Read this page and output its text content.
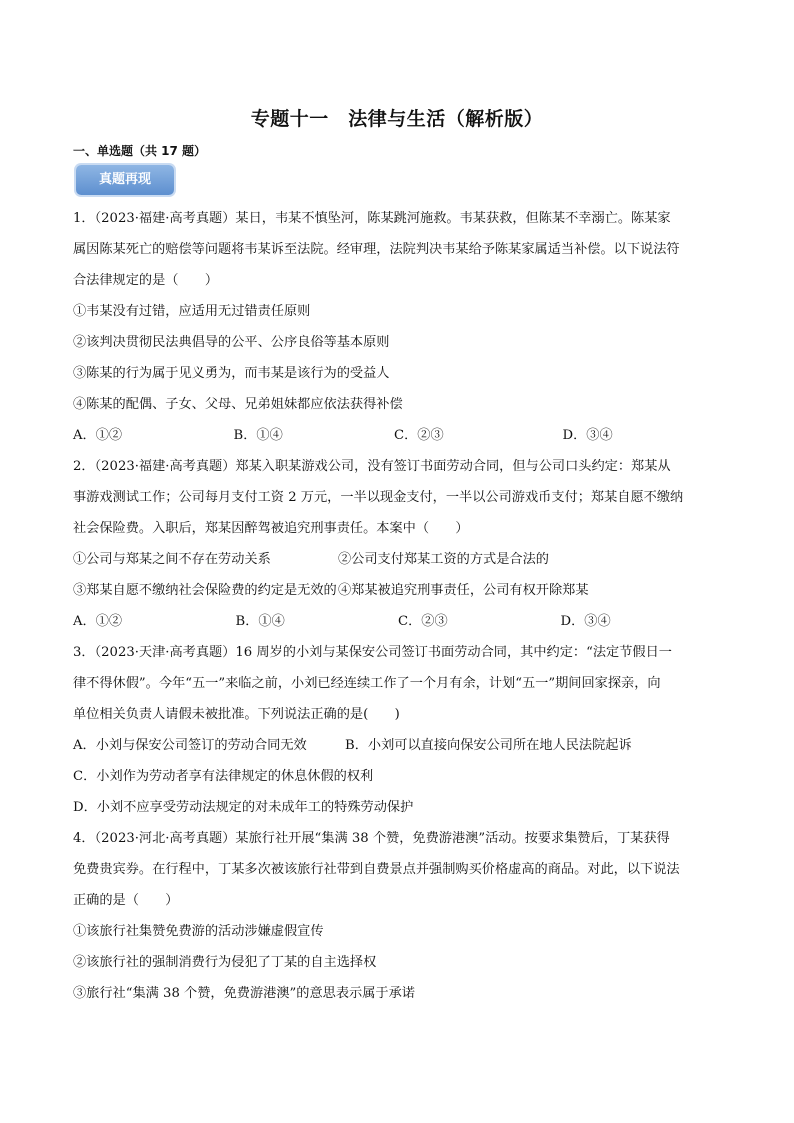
专题十一　法律与生活（解析版）
一、单选题（共 17 题）
真题再现

1．（2023·福建·高考真题）某日，韦某不慎坠河，陈某跳河施救。韦某获救，但陈某不幸溺亡。陈某家

属因陈某死亡的赔偿等问题将韦某诉至法院。经审理，法院判决韦某给予陈某家属适当补偿。以下说法符

合法律规定的是（　　）

①韦某没有过错，应适用无过错责任原则

②该判决贯彻民法典倡导的公平、公序良俗等基本原则

③陈某的行为属于见义勇为，而韦某是该行为的受益人

④陈某的配偶、子女、父母、兄弟姐妹都应依法获得补偿

A．①②	B．①④	C．②③	D．③④

2．（2023·福建·高考真题）郑某入职某游戏公司，没有签订书面劳动合同，但与公司口头约定：郑某从

事游戏测试工作；公司每月支付工资 2 万元，一半以现金支付，一半以公司游戏币支付；郑某自愿不缴纳

社会保险费。入职后，郑某因醉驾被追究刑事责任。本案中（　　）

①公司与郑某之间不存在劳动关系	②公司支付郑某工资的方式是合法的

③郑某自愿不缴纳社会保险费的约定是无效的 ④郑某被追究刑事责任，公司有权开除郑某

A．①②	B．①④	C．②③	D．③④

3．（2023·天津·高考真题）16 周岁的小刘与某保安公司签订书面劳动合同，其中约定：“法定节假日一

律不得休假”。今年“五一”来临之前，小刘已经连续工作了一个月有余，计划“五一”期间回家探亲，向

单位相关负责人请假未被批准。下列说法正确的是(　　)

A．小刘与保安公司签订的劳动合同无效	B．小刘可以直接向保安公司所在地人民法院起诉

C．小刘作为劳动者享有法律规定的休息休假的权利

D．小刘不应享受劳动法规定的对未成年工的特殊劳动保护

4．（2023·河北·高考真题）某旅行社开展“集满 38 个赞，免费游港澳”活动。按要求集赞后，丁某获得

免费贵宾券。在行程中，丁某多次被该旅行社带到自费景点并强制购买价格虚高的商品。对此，以下说法

正确的是（　　）

①该旅行社集赞免费游的活动涉嫌虚假宣传

②该旅行社的强制消费行为侵犯了丁某的自主选择权

③旅行社“集满 38 个赞，免费游港澳”的意思表示属于承诺
